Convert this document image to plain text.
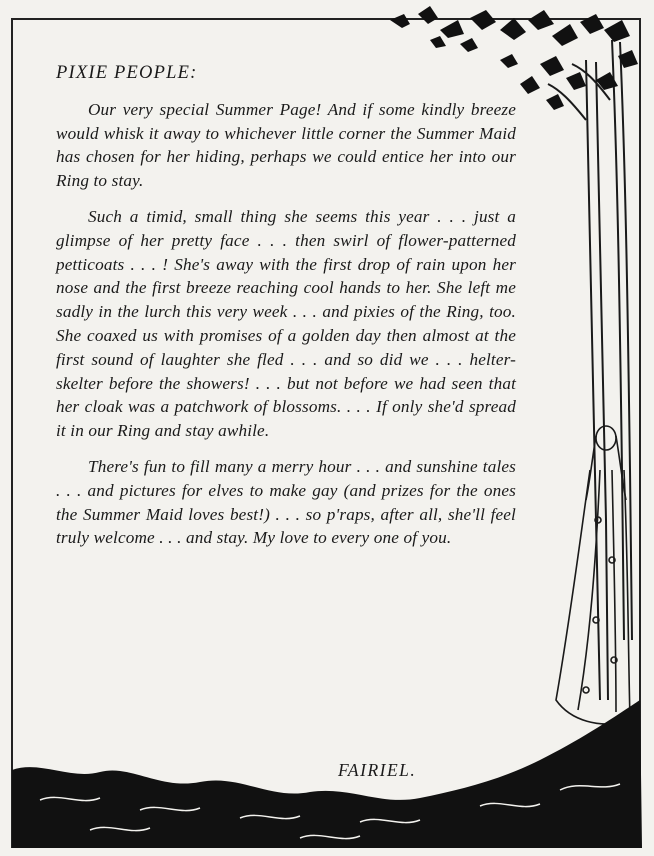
PIXIE PEOPLE:

Our very special Summer Page! And if some kindly breeze would whisk it away to whichever little corner the Summer Maid has chosen for her hiding, perhaps we could entice her into our Ring to stay.

Such a timid, small thing she seems this year . . . just a glimpse of her pretty face . . . then swirl of flower-patterned petticoats . . . ! She's away with the first drop of rain upon her nose and the first breeze reaching cool hands to her. She left me sadly in the lurch this very week . . . and pixies of the Ring, too. She coaxed us with promises of a golden day then almost at the first sound of laughter she fled . . . and so did we . . . helter-skelter before the showers! . . . but not before we had seen that her cloak was a patchwork of blossoms. . . . If only she'd spread it in our Ring and stay awhile.

There's fun to fill many a merry hour . . . and sunshine tales . . . and pictures for elves to make gay (and prizes for the ones the Summer Maid loves best!) . . . so p'raps, after all, she'll feel truly welcome . . . and stay. My love to every one of you.

FAIRIEL.
